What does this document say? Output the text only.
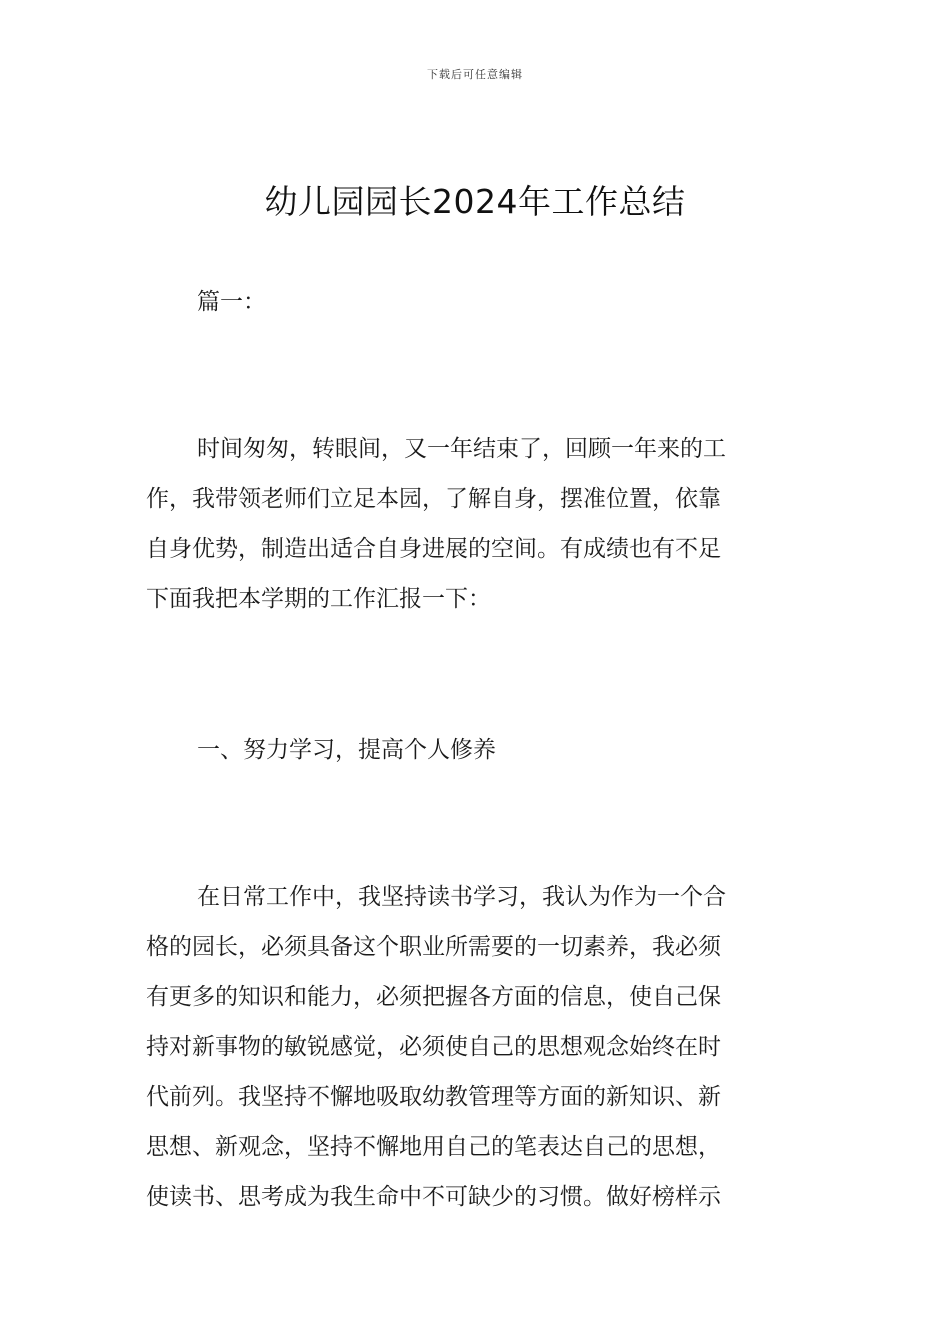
下载后可任意编辑
幼儿园园长2024年工作总结
篇一：
时间匆匆，转眼间，又一年结束了，回顾一年来的工
作，我带领老师们立足本园，了解自身，摆准位置，依靠
自身优势，制造出适合自身进展的空间。有成绩也有不足
下面我把本学期的工作汇报一下：
一、努力学习，提高个人修养
在日常工作中，我坚持读书学习，我认为作为一个合
格的园长，必须具备这个职业所需要的一切素养，我必须
有更多的知识和能力，必须把握各方面的信息，使自己保
持对新事物的敏锐感觉，必须使自己的思想观念始终在时
代前列。我坚持不懈地吸取幼教管理等方面的新知识、新
思想、新观念，坚持不懈地用自己的笔表达自己的思想，
使读书、思考成为我生命中不可缺少的习惯。做好榜样示
